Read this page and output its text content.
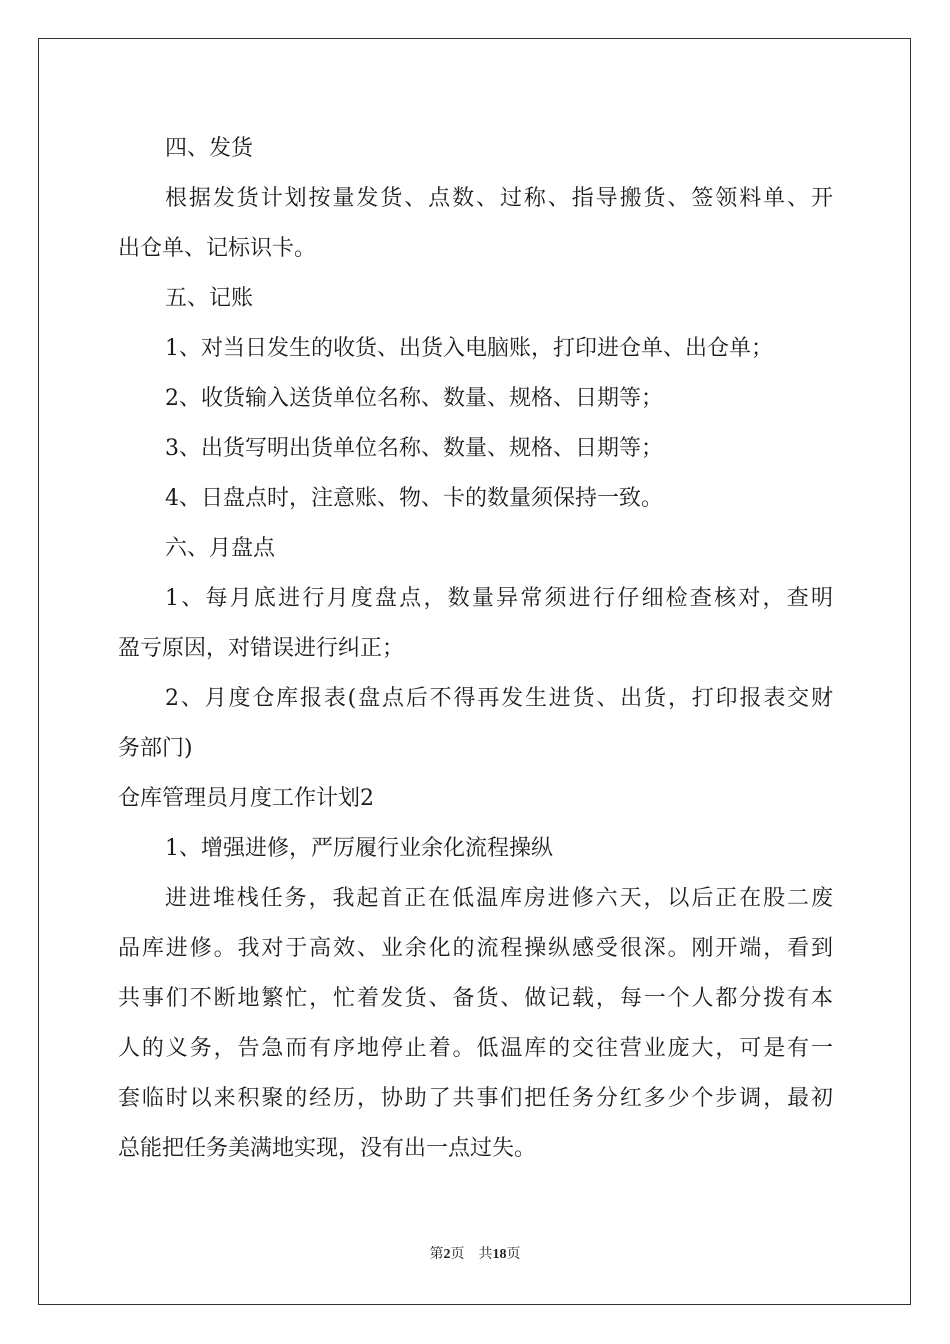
四、发货
根据发货计划按量发货、点数、过称、指导搬货、签领料单、开
出仓单、记标识卡。
五、记账
1、对当日发生的收货、出货入电脑账，打印进仓单、出仓单；
2、收货输入送货单位名称、数量、规格、日期等；
3、出货写明出货单位名称、数量、规格、日期等；
4、日盘点时，注意账、物、卡的数量须保持一致。
六、月盘点
1、每月底进行月度盘点，数量异常须进行仔细检查核对，查明
盈亏原因，对错误进行纠正；
2、月度仓库报表(盘点后不得再发生进货、出货，打印报表交财
务部门)
仓库管理员月度工作计划2
1、增强进修，严厉履行业余化流程操纵
进进堆栈任务，我起首正在低温库房进修六天，以后正在股二废
品库进修。我对于高效、业余化的流程操纵感受很深。刚开端，看到
共事们不断地繁忙，忙着发货、备货、做记载，每一个人都分拨有本
人的义务，告急而有序地停止着。低温库的交往营业庞大，可是有一
套临时以来积聚的经历，协助了共事们把任务分红多少个步调，最初
总能把任务美满地实现，没有出一点过失。
第2页　共18页
